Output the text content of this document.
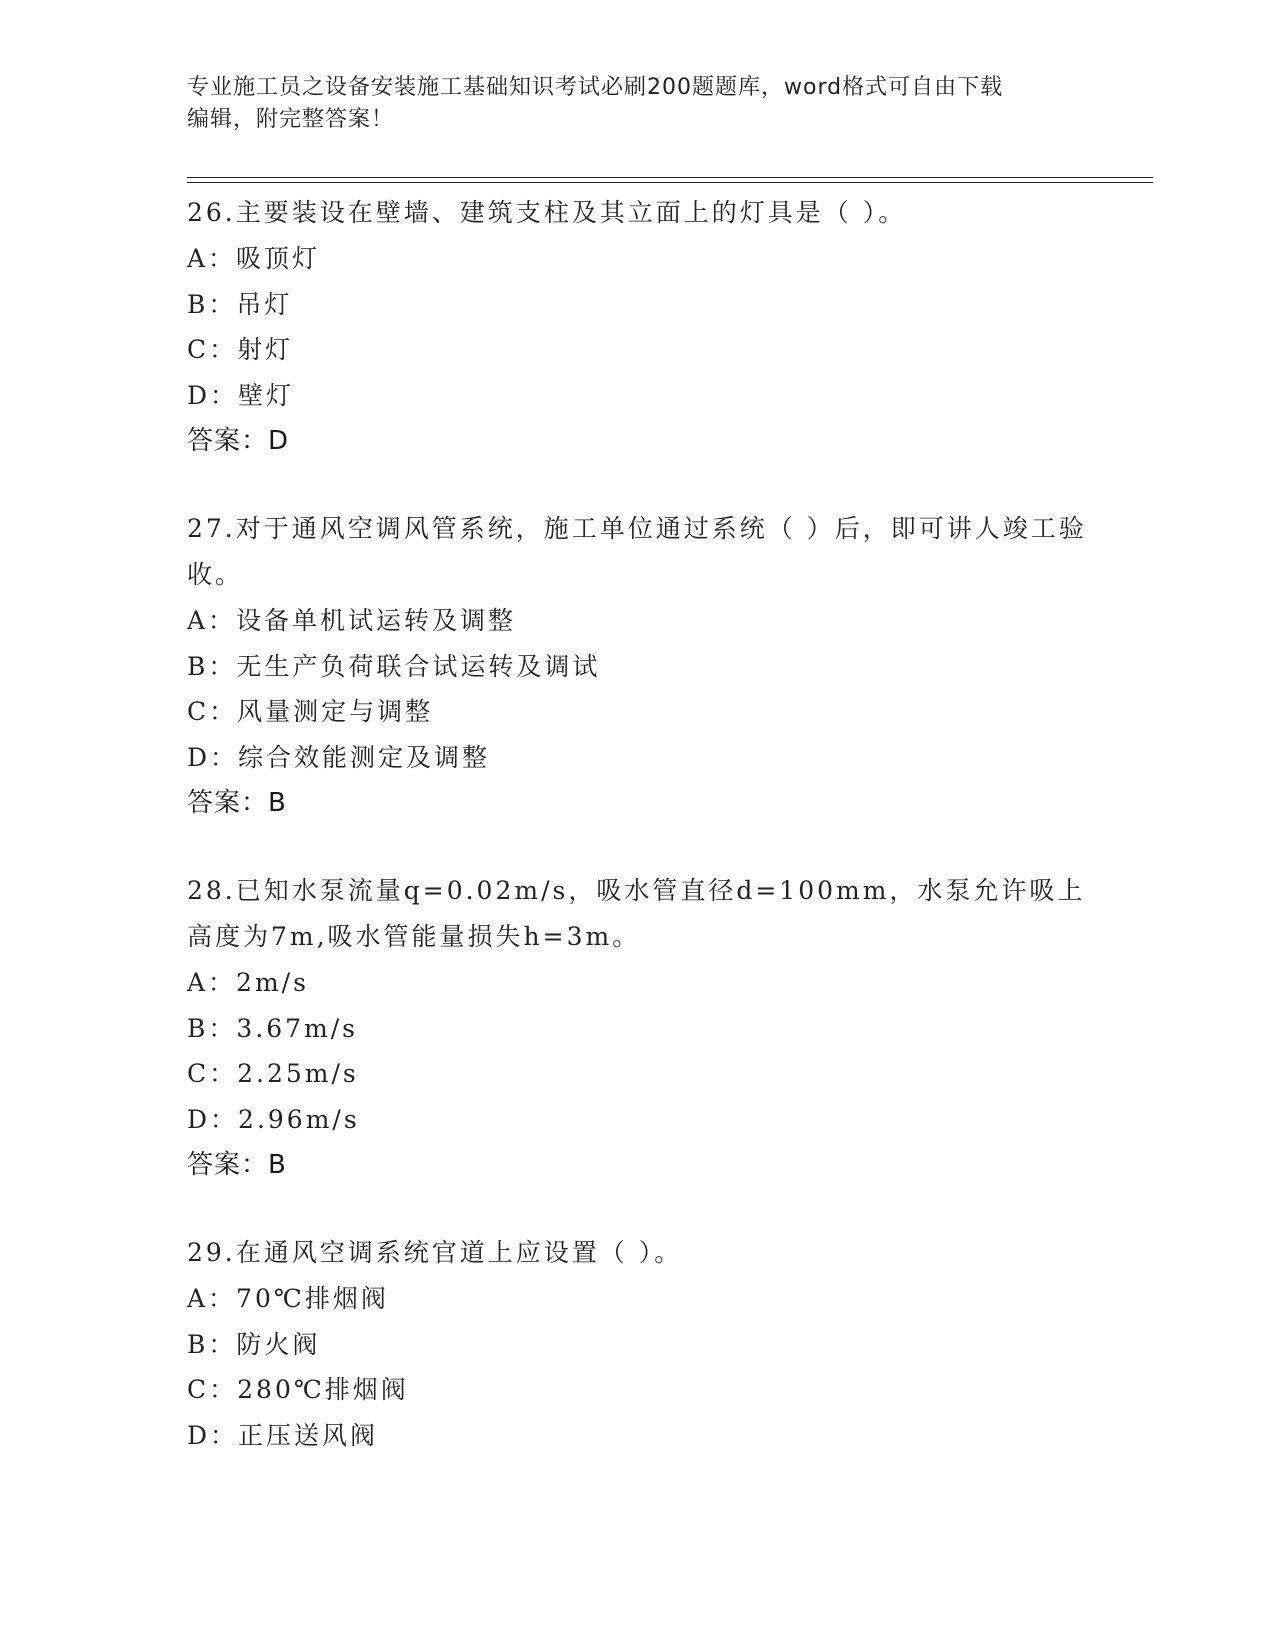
专业施工员之设备安装施工基础知识考试必刷200题题库，word格式可自由下载
编辑，附完整答案！

26.主要装设在壁墙、建筑支柱及其立面上的灯具是（ ）。

A：吸顶灯

B：吊灯

C：射灯

D：壁灯

答案：D

27.对于通风空调风管系统，施工单位通过系统（ ）后，即可讲人竣工验收。

A：设备单机试运转及调整

B：无生产负荷联合试运转及调试

C：风量测定与调整

D：综合效能测定及调整

答案：B

28.已知水泵流量q=0.02m/s，吸水管直径d=100mm，水泵允许吸上高度为7m,吸水管能量损失h=3m。

A：2m/s

B：3.67m/s

C：2.25m/s

D：2.96m/s

答案：B

29.在通风空调系统官道上应设置（ ）。

A：70℃排烟阀

B：防火阀

C：280℃排烟阀

D：正压送风阀
